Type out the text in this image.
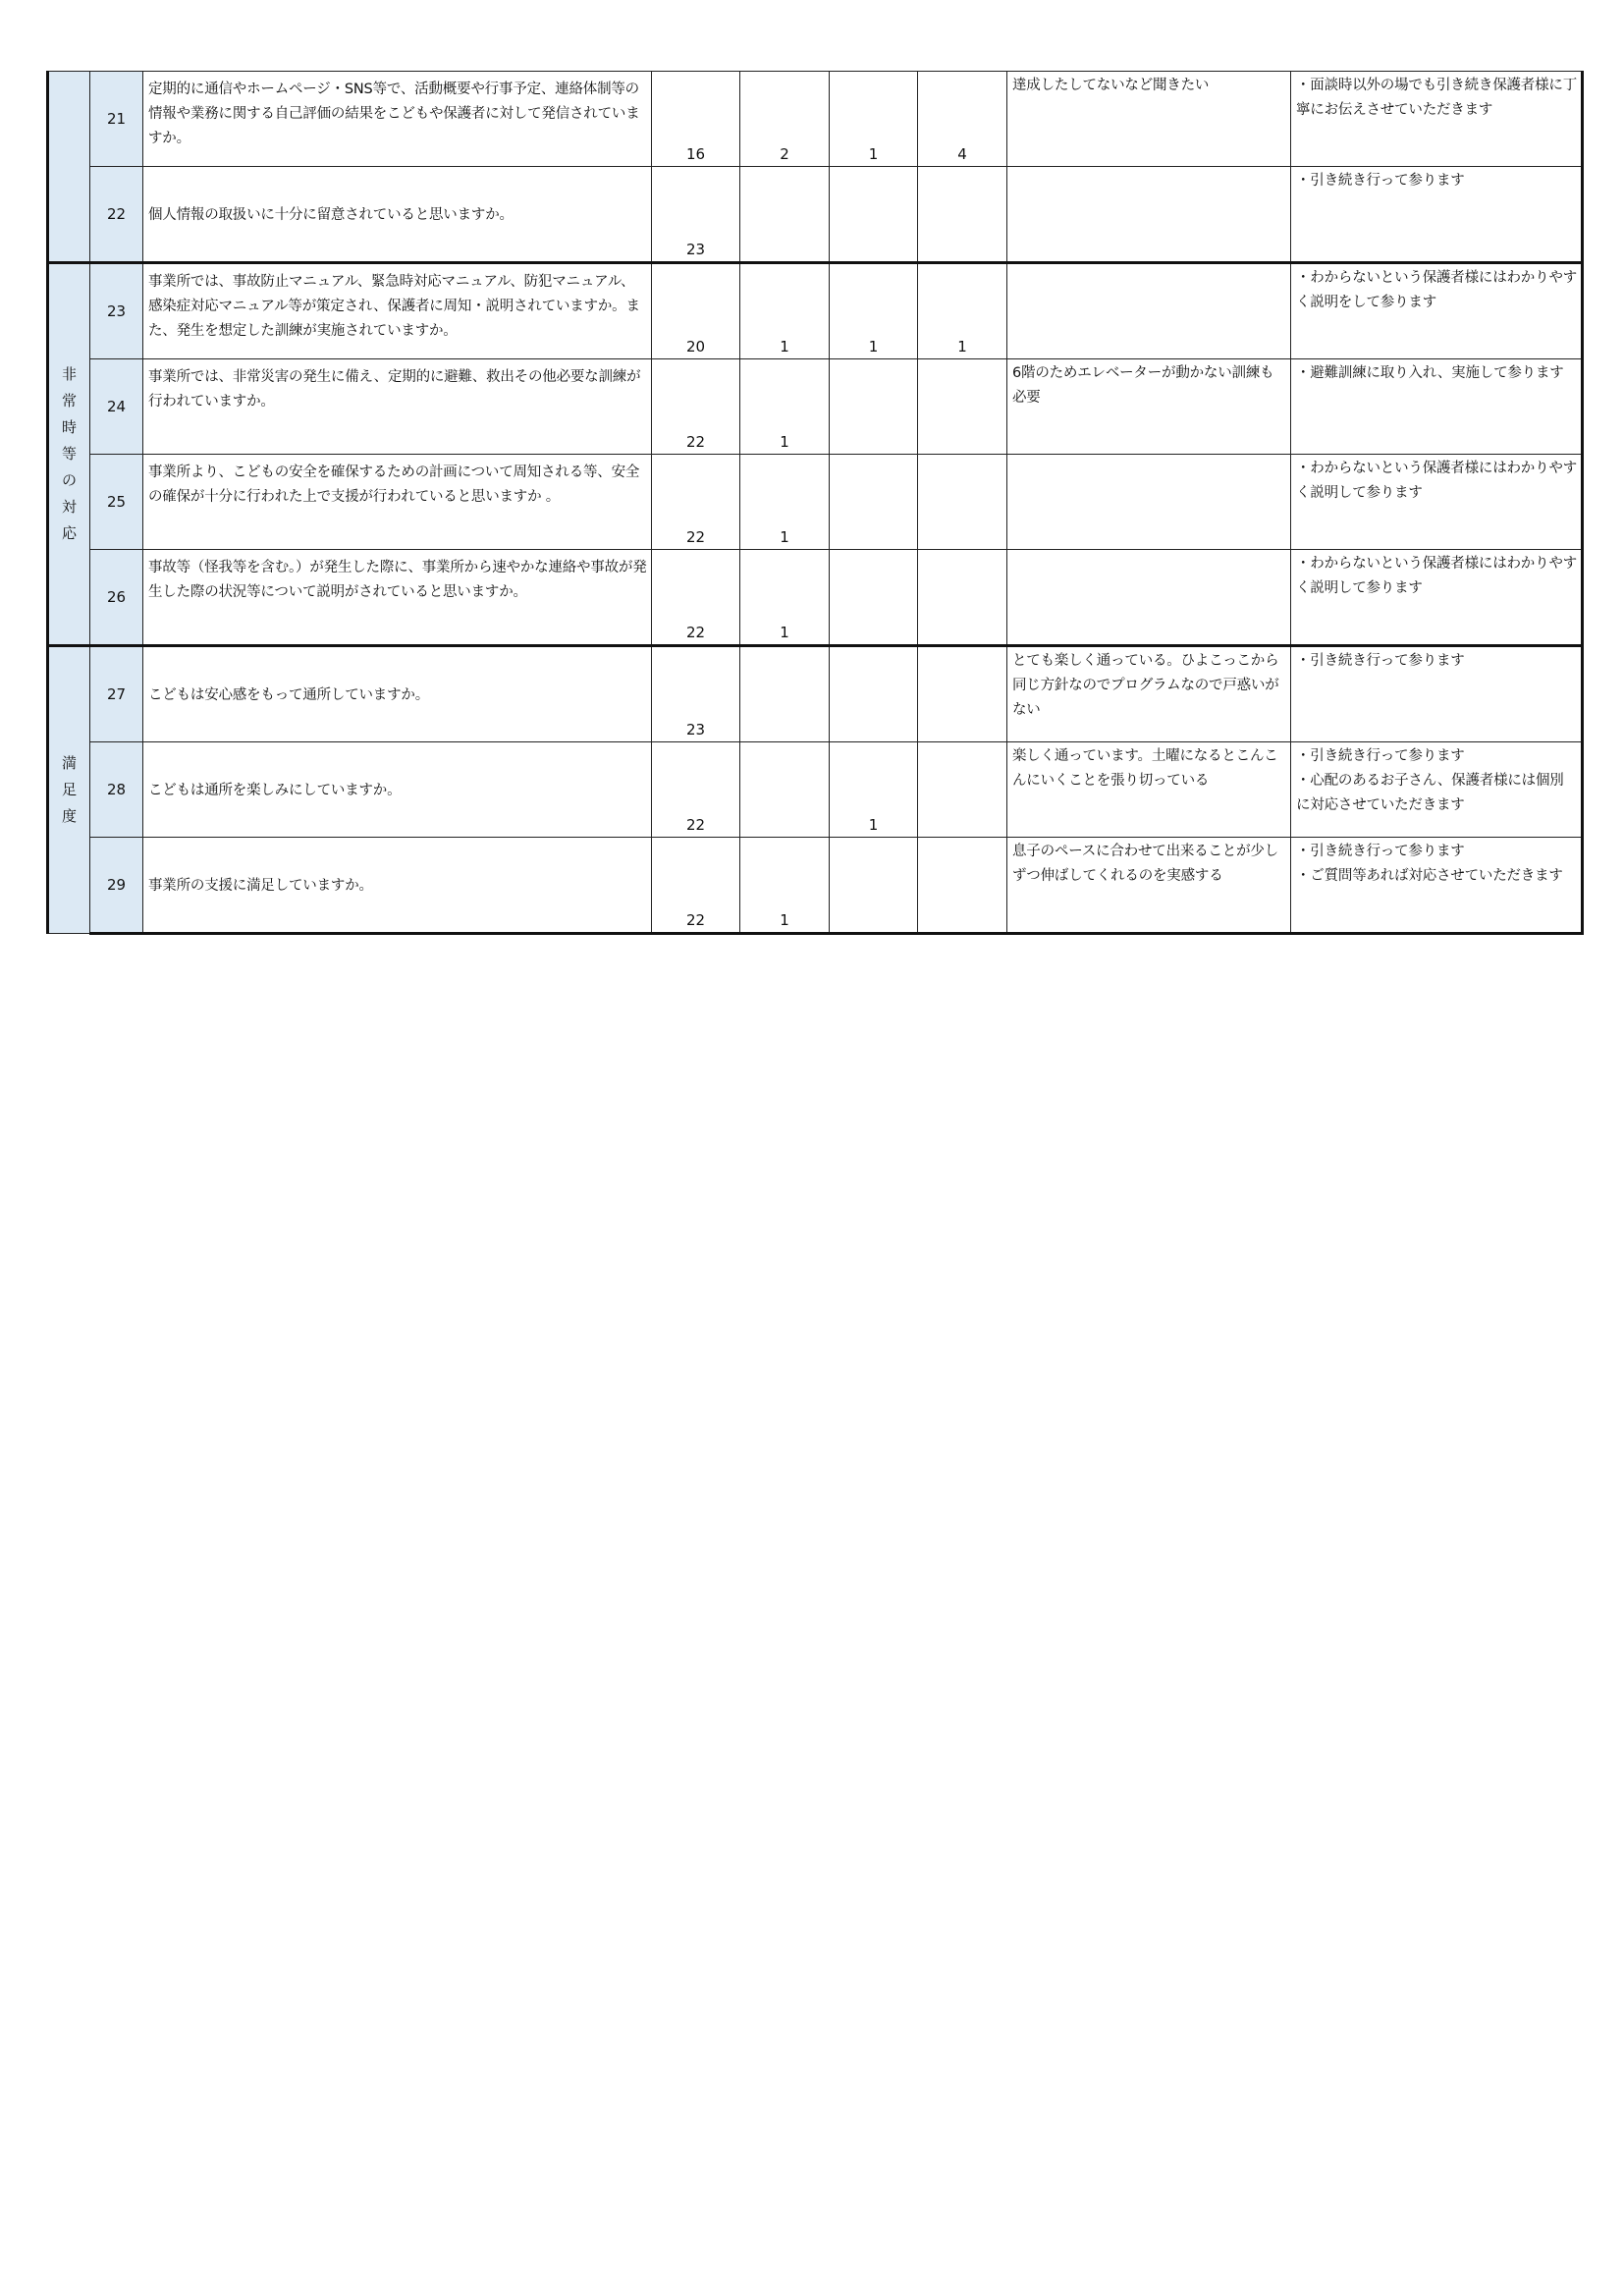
	21	定期的に通信やホームページ・SNS等で、活動概要や行事予定、連絡体制等の情報や業務に関する自己評価の結果をこどもや保護者に対して発信されていますか。	16	2	1	4	達成したしてないなど聞きたい	・面談時以外の場でも引き続き保護者様に丁寧にお伝えさせていただきます

	22	個人情報の取扱いに十分に留意されていると思いますか。	23					・引き続き行って参ります

非常時等の対応	23	事業所では、事故防止マニュアル、緊急時対応マニュアル、防犯マニュアル、感染症対応マニュアル等が策定され、保護者に周知・説明されていますか。また、発生を想定した訓練が実施されていますか。	20	1	1	1		・わからないという保護者様にはわかりやすく説明をして参ります

	24	事業所では、非常災害の発生に備え、定期的に避難、救出その他必要な訓練が行われていますか。	22	1			6階のためエレベーターが動かない訓練も必要	・避難訓練に取り入れ、実施して参ります

	25	事業所より、こどもの安全を確保するための計画について周知される等、安全の確保が十分に行われた上で支援が行われていると思いますか 。	22	1				・わからないという保護者様にはわかりやすく説明して参ります

	26	事故等（怪我等を含む。）が発生した際に、事業所から速やかな連絡や事故が発生した際の状況等について説明がされていると思いますか。	22	1				・わからないという保護者様にはわかりやすく説明して参ります

満足度	27	こどもは安心感をもって通所していますか。	23				とても楽しく通っている。ひよこっこから同じ方針なのでプログラムなので戸惑いがない	・引き続き行って参ります

	28	こどもは通所を楽しみにしていますか。	22		1		楽しく通っています。土曜になるとこんこんにいくことを張り切っている	・引き続き行って参ります
・心配のあるお子さん、保護者様には個別に対応させていただきます

	29	事業所の支援に満足していますか。	22	1			息子のペースに合わせて出来ることが少しずつ伸ばしてくれるのを実感する	・引き続き行って参ります
・ご質問等あれば対応させていただきます
